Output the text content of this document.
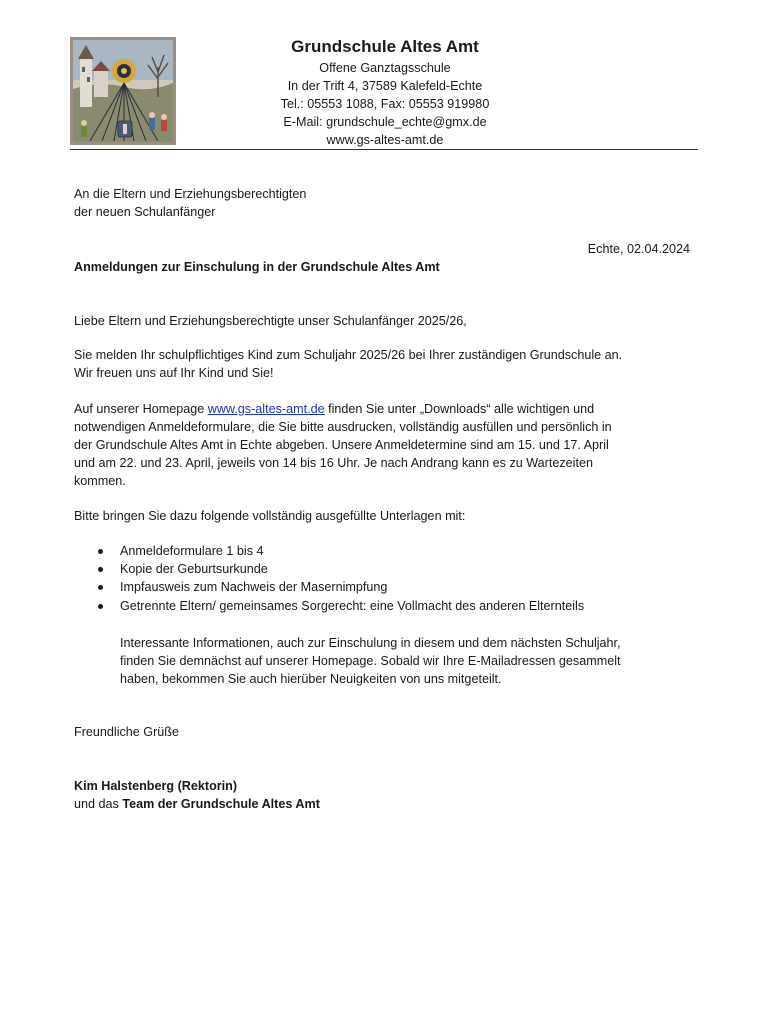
Grundschule Altes Amt
Offene Ganztagsschule
In der Trift 4, 37589 Kalefeld-Echte
Tel.: 05553 1088, Fax: 05553 919980
E-Mail: grundschule_echte@gmx.de
www.gs-altes-amt.de
An die Eltern und Erziehungsberechtigten
der neuen Schulanfänger
Echte, 02.04.2024
Anmeldungen zur Einschulung in der Grundschule Altes Amt
Liebe Eltern und Erziehungsberechtigte unser Schulanfänger 2025/26,
Sie melden Ihr schulpflichtiges Kind zum Schuljahr 2025/26 bei Ihrer zuständigen Grundschule an.
Wir freuen uns auf Ihr Kind und Sie!
Auf unserer Homepage www.gs-altes-amt.de finden Sie unter „Downloads“ alle wichtigen und
notwendigen Anmeldeformulare, die Sie bitte ausdrucken, vollständig ausfüllen und persönlich in
der Grundschule Altes Amt in Echte abgeben. Unsere Anmeldetermine sind am 15. und 17. April
und am 22. und 23. April, jeweils von 14 bis 16 Uhr. Je nach Andrang kann es zu Wartezeiten
kommen.
Bitte bringen Sie dazu folgende vollständig ausgefüllte Unterlagen mit:
Anmeldeformulare 1 bis 4
Kopie der Geburtsurkunde
Impfausweis zum Nachweis der Masernimpfung
Getrennte Eltern/ gemeinsames Sorgerecht: eine Vollmacht des anderen Elternteils
Interessante Informationen, auch zur Einschulung in diesem und dem nächsten Schuljahr,
finden Sie demnächst auf unserer Homepage. Sobald wir Ihre E-Mailadressen gesammelt
haben, bekommen Sie auch hierüber Neuigkeiten von uns mitgeteilt.
Freundliche Grüße
Kim Halstenberg (Rektorin)
und das Team der Grundschule Altes Amt
